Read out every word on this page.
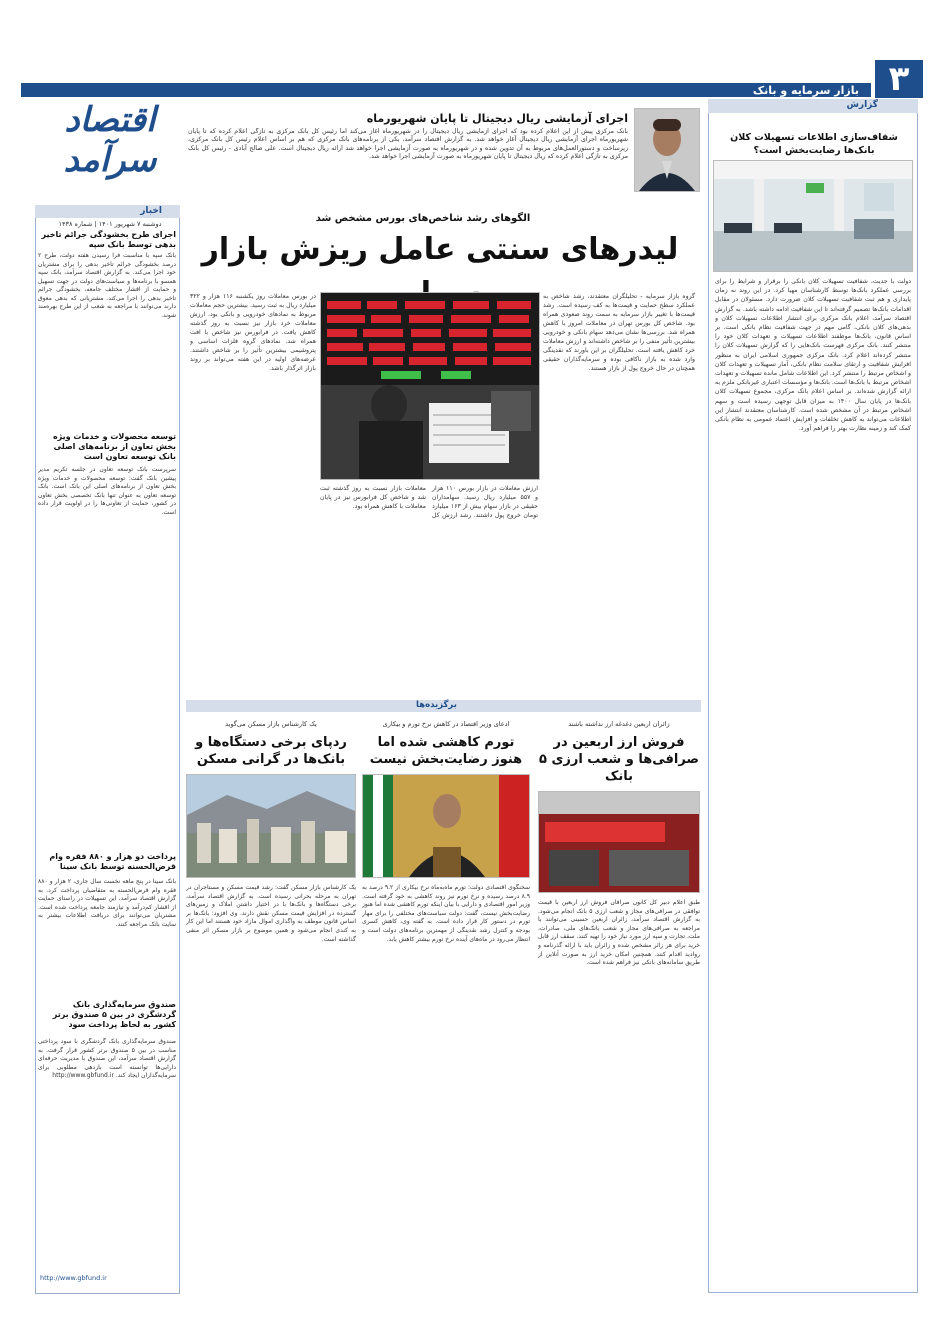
۳
بازار سرمایه و بانک
اقتصاد سرآمد
دوشنبه ۷ شهریور ۱۴۰۱ | شماره ۱۴۳۸
اجرای آزمایشی ریال دیجیتال تا پایان شهریورماه
بانک مرکزی پیش از این اعلام کرده بود که اجرای آزمایشی ریال دیجیتال را در شهریورماه آغاز می‌کند اما رئیس کل بانک مرکزی به تازگی اعلام کرده که تا پایان شهریورماه اجرای آزمایشی ریال دیجیتال آغاز خواهد شد. به گزارش اقتصاد سرآمد، یکی از برنامه‌های بانک مرکزی که هم بر اساس اعلام رئیس کل بانک مرکزی، زیرساخت و دستورالعمل‌های مربوط به آن تدوین شده و در شهریورماه به صورت آزمایشی اجرا خواهد شد ارائه ریال دیجیتال است. علی صالح آبادی - رئیس کل بانک مرکزی به تازگی اعلام کرده که ریال دیجیتال تا پایان شهریورماه به صورت آزمایشی اجرا خواهد شد.
گزارش
شفاف‌سازی اطلاعات تسهیلات کلان بانک‌ها رضایت‌بخش است؟
دولت با جدیت، شفافیت تسهیلات کلان بانکی را برقرار و شرایط را برای بررسی عملکرد بانک‌ها توسط کارشناسان مهیا کرد. در این روند نه زمان پایداری و هم ثبت شفافیت تسهیلات کلان ضرورت دارد. مسئولان در مقابل اقدامات بانک‌ها تصمیم گرفته‌اند تا این شفافیت ادامه داشته باشد. به گزارش اقتصاد سرآمد، اعلام بانک مرکزی برای انتشار اطلاعات تسهیلات کلان و بدهی‌های کلان بانکی، گامی مهم در جهت شفافیت نظام بانکی است. بر اساس قانون، بانک‌ها موظفند اطلاعات تسهیلات و تعهدات کلان خود را منتشر کنند. بانک مرکزی فهرست بانک‌هایی را که گزارش تسهیلات کلان را منتشر کرده‌اند اعلام کرد. بانک مرکزی جمهوری اسلامی ایران به منظور افزایش شفافیت و ارتقای سلامت نظام بانکی، آمار تسهیلات و تعهدات کلان و اشخاص مرتبط را منتشر کرد. این اطلاعات شامل مانده تسهیلات و تعهدات اشخاص مرتبط با بانک‌ها است. بانک‌ها و مؤسسات اعتباری غیربانکی ملزم به ارائه گزارش شده‌اند. بر اساس اعلام بانک مرکزی، مجموع تسهیلات کلان بانک‌ها در پایان سال ۱۴۰۰ به میزان قابل توجهی رسیده است و سهم اشخاص مرتبط در آن مشخص شده است. کارشناسان معتقدند انتشار این اطلاعات می‌تواند به کاهش تخلفات و افزایش اعتماد عمومی به نظام بانکی کمک کند و زمینه نظارت بهتر را فراهم آورد.
اخبار
اجرای طرح بخشودگی جرائم تاخیر بدهی توسط بانک سپه
بانک سپه با مناسبت فرا رسیدن هفته دولت، طرح ۲ درصد بخشودگی جرائم تاخیر بدهی را برای مشتریان خود اجرا می‌کند. به گزارش اقتصاد سرآمد، بانک سپه همسو با برنامه‌ها و سیاست‌های دولت در جهت تسهیل و حمایت از اقشار مختلف جامعه، بخشودگی جرائم تاخیر بدهی را اجرا می‌کند. مشتریانی که بدهی معوق دارند می‌توانند با مراجعه به شعب از این طرح بهره‌مند شوند.
توسعه محصولات و خدمات ویژه بخش تعاون از برنامه‌های اصلی بانک توسعه تعاون است
سرپرست بانک توسعه تعاون در جلسه تکریم مدیر پیشین بانک گفت: توسعه محصولات و خدمات ویژه بخش تعاون از برنامه‌های اصلی این بانک است. بانک توسعه تعاون به عنوان تنها بانک تخصصی بخش تعاون در کشور، حمایت از تعاونی‌ها را در اولویت قرار داده است.
پرداخت دو هزار و ۸۸۰ فقره وام قرض‌الحسنه توسط بانک سینا
بانک سینا در پنج ماهه نخست سال جاری، ۲ هزار و ۸۸۰ فقره وام قرض‌الحسنه به متقاضیان پرداخت کرد. به گزارش اقتصاد سرآمد، این تسهیلات در راستای حمایت از اقشار کم‌درآمد و نیازمند جامعه پرداخت شده است. مشتریان می‌توانند برای دریافت اطلاعات بیشتر به سایت بانک مراجعه کنند.
صندوق سرمایه‌گذاری بانک گردشگری در بین ۵ صندوق برتر کشور به لحاظ پرداخت سود
صندوق سرمایه‌گذاری بانک گردشگری با سود پرداختی مناسب در بین ۵ صندوق برتر کشور قرار گرفت. به گزارش اقتصاد سرآمد، این صندوق با مدیریت حرفه‌ای دارایی‌ها توانسته است بازدهی مطلوبی برای سرمایه‌گذاران ایجاد کند. http://www.gbfund.ir
http://www.gbfund.ir
الگوهای رشد شاخص‌های بورس مشخص شد
لیدرهای سنتی عامل ریزش بازار
گروه بازار سرمایه - تحلیلگران معتقدند، رشد شاخص به عملکرد سطح حمایت و قیمت‌ها به کف رسیده است. رشد قیمت‌ها با تغییر بازار سرمایه به سمت روند صعودی همراه بود. شاخص کل بورس تهران در معاملات امروز با کاهش همراه شد. بررسی‌ها نشان می‌دهد سهام بانکی و خودرویی بیشترین تأثیر منفی را بر شاخص داشته‌اند و ارزش معاملات خرد کاهش یافته است. تحلیلگران بر این باورند که نقدینگی وارد شده به بازار ناکافی بوده و سرمایه‌گذاران حقیقی همچنان در حال خروج پول از بازار هستند.
در بورس معاملات روز یکشنبه ۱۱۶ هزار و ۳۲۲ میلیارد ریال به ثبت رسید. بیشترین حجم معاملات مربوط به نمادهای خودرویی و بانکی بود. ارزش معاملات خرد بازار نیز نسبت به روز گذشته کاهش یافت. در فرابورس نیز شاخص با افت همراه شد. نمادهای گروه فلزات اساسی و پتروشیمی بیشترین تأثیر را بر شاخص داشتند. عرضه‌های اولیه در این هفته می‌تواند بر روند بازار اثرگذار باشد.
ارزش معاملات در بازار بورس ۱۱۰ هزار و ۵۵۷ میلیارد ریال رسید. سهامداران حقیقی در بازار سهام بیش از ۱۶۳ میلیارد تومان خروج پول داشتند. رشد ارزش کل معاملات بازار نسبت به روز گذشته ثبت شد و شاخص کل فرابورس نیز در پایان معاملات با کاهش همراه بود.
برگزیده‌ها
زائران اربعین دغدغه ارز نداشته باشند
فروش ارز اربعین در صرافی‌ها و شعب ارزی ۵ بانک
طبق اعلام دبیر کل کانون صرافان فروش ارز اربعین با قیمت توافقی در صرافی‌های مجاز و شعب ارزی ۵ بانک انجام می‌شود. به گزارش اقتصاد سرآمد، زائران اربعین حسینی می‌توانند با مراجعه به صرافی‌های مجاز و شعب بانک‌های ملی، صادرات، ملت، تجارت و سپه ارز مورد نیاز خود را تهیه کنند. سقف ارز قابل خرید برای هر زائر مشخص شده و زائران باید با ارائه گذرنامه و روادید اقدام کنند. همچنین امکان خرید ارز به صورت آنلاین از طریق سامانه‌های بانکی نیز فراهم شده است.
ادعای وزیر اقتصاد در کاهش نرخ تورم و بیکاری
تورم کاهشی شده اما هنوز رضایت‌بخش نیست
سخنگوی اقتصادی دولت: تورم ماه‌به‌ماه نرخ بیکاری از ۹.۲ درصد به ۸.۹ درصد رسیده و نرخ تورم نیز روند کاهشی به خود گرفته است. وزیر امور اقتصادی و دارایی با بیان اینکه تورم کاهشی شده اما هنوز رضایت‌بخش نیست، گفت: دولت سیاست‌های مختلفی را برای مهار تورم در دستور کار قرار داده است. به گفته وی، کاهش کسری بودجه و کنترل رشد نقدینگی از مهمترین برنامه‌های دولت است و انتظار می‌رود در ماه‌های آینده نرخ تورم بیشتر کاهش یابد.
یک کارشناس بازار مسکن می‌گوید
ردپای برخی دستگاه‌ها و بانک‌ها در گرانی مسکن
یک کارشناس بازار مسکن گفت: رشد قیمت مسکن و مستأجران در تهران به مرحله بحرانی رسیده است. به گزارش اقتصاد سرآمد، برخی دستگاه‌ها و بانک‌ها با در اختیار داشتن املاک و زمین‌های گسترده در افزایش قیمت مسکن نقش دارند. وی افزود: بانک‌ها بر اساس قانون موظف به واگذاری اموال مازاد خود هستند اما این کار به کندی انجام می‌شود و همین موضوع بر بازار مسکن اثر منفی گذاشته است.
